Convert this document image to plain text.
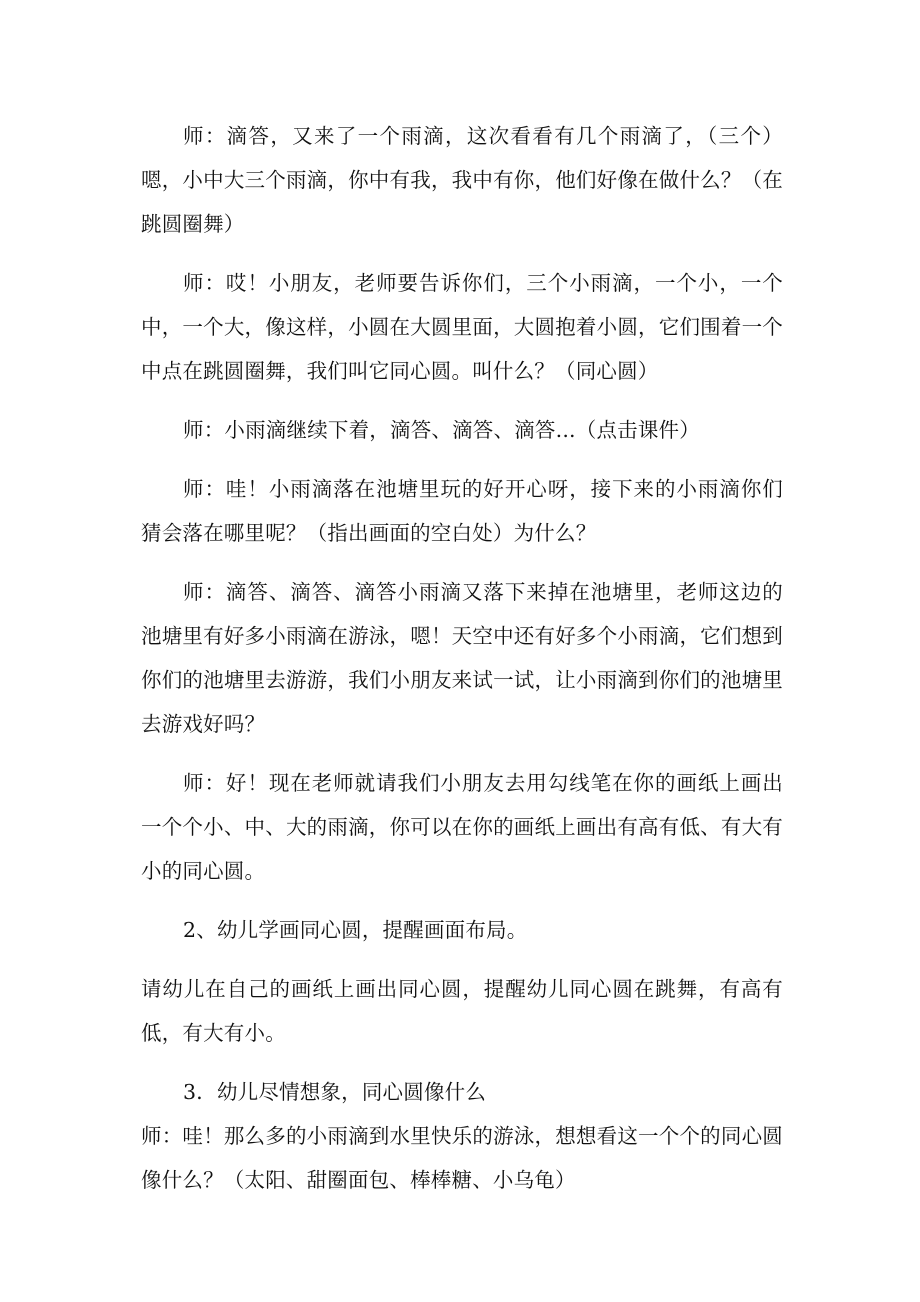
师：滴答，又来了一个雨滴，这次看看有几个雨滴了，（三个）嗯，小中大三个雨滴，你中有我，我中有你，他们好像在做什么？（在跳圆圈舞）

师：哎！小朋友，老师要告诉你们，三个小雨滴，一个小，一个中，一个大，像这样，小圆在大圆里面，大圆抱着小圆，它们围着一个中点在跳圆圈舞，我们叫它同心圆。叫什么？（同心圆）

师：小雨滴继续下着，滴答、滴答、滴答...（点击课件）

师：哇！小雨滴落在池塘里玩的好开心呀，接下来的小雨滴你们猜会落在哪里呢？（指出画面的空白处）为什么？

师：滴答、滴答、滴答小雨滴又落下来掉在池塘里，老师这边的池塘里有好多小雨滴在游泳，嗯！天空中还有好多个小雨滴，它们想到你们的池塘里去游游，我们小朋友来试一试，让小雨滴到你们的池塘里去游戏好吗？

师：好！现在老师就请我们小朋友去用勾线笔在你的画纸上画出一个个小、中、大的雨滴，你可以在你的画纸上画出有高有低、有大有小的同心圆。

2、幼儿学画同心圆，提醒画面布局。

请幼儿在自己的画纸上画出同心圆，提醒幼儿同心圆在跳舞，有高有低，有大有小。

3．幼儿尽情想象，同心圆像什么

师：哇！那么多的小雨滴到水里快乐的游泳，想想看这一个个的同心圆像什么？（太阳、甜圈面包、棒棒糖、小乌龟）
